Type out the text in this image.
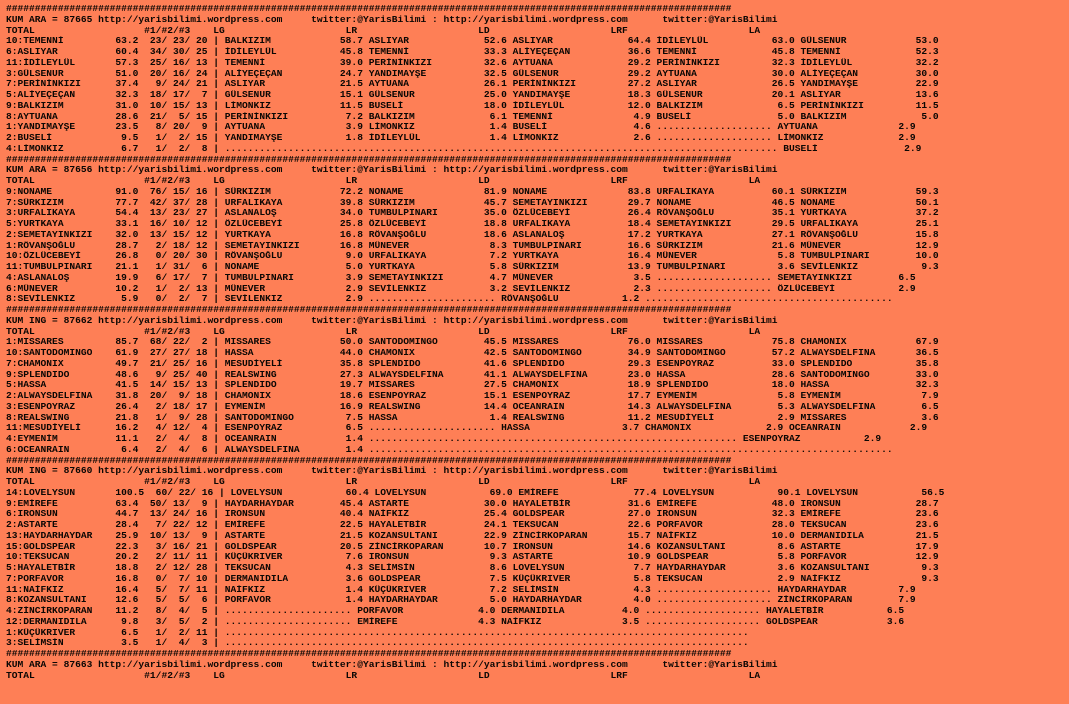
##############################################################################################################################
KUM ARA = 87665 http://yarisbilimi.wordpress.com     twitter:@YarisBilimi : http://yarisbilimi.wordpress.com      twitter:@YarisBilimi
TOTAL                   #1/#2/#3    LG                     LR                     LD                     LRF                     LA
10:TEMENNİ         63.2  23/ 23/ 20 | BALKIZIM            58.7 ASLIYAR             52.6 ASLIYAR             64.4 İDİLEYLÜL           63.0 GÜLSENUR            53.0
6:ASLIYAR          60.4  34/ 30/ 25 | İDİLEYLÜL           45.8 TEMENNİ             33.3 ALİYEÇEÇAN          36.6 TEMENNİ             45.8 TEMENNİ             52.3
11:İDİLEYLÜL       57.3  25/ 16/ 13 | TEMENNİ             39.0 PERİNİNKIZI         32.6 AYTUANA             29.2 PERİNİNKIZI         32.3 İDİLEYLÜL           32.2
3:GÜLSENUR         51.0  20/ 16/ 24 | ALİYEÇEÇAN          24.7 YANDIMAYŞE          32.5 GÜLSENUR            29.2 AYTUANA             30.0 ALİYEÇEÇAN          30.0
7:PERİNİNKIZI      37.4   9/ 24/ 21 | ASLIYAR             21.5 AYTUANA             26.1 PERİNİNKIZI         27.2 ASLIYAR             26.5 YANDIMAYŞE          22.9
5:ALİYEÇEÇAN       32.3  18/ 17/  7 | GÜLSENUR            15.1 GÜLSENUR            25.0 YANDIMAYŞE          18.3 GÜLSENUR            20.1 ASLIYAR             13.6
9:BALKIZIM         31.0  10/ 15/ 13 | LİMONKIZ            11.5 BUSELİ              18.0 İDİLEYLÜL           12.0 BALKIZIM             6.5 PERİNİNKIZI         11.5
8:AYTUANA          28.6  21/  5/ 15 | PERİNİNKIZI          7.2 BALKIZIM             6.1 TEMENNİ              4.9 BUSELİ               5.0 BALKIZIM             5.0
1:YANDIMAYŞE       23.5   8/ 20/  9 | AYTUANA              3.9 LİMONKIZ             1.4 BUSELİ               4.6 .................... AYTUANA              2.9
2:BUSELİ            9.5   1/  2/ 15 | YANDIMAYŞE           1.8 İDİLEYLÜL            1.4 LİMONKIZ             2.6 .................... LİMONKIZ             2.9
4:LİMONKIZ          6.7   1/  2/  8 | ................................................................................................ BUSELİ               2.9
##############################################################################################################################
KUM ARA = 87656 http://yarisbilimi.wordpress.com     twitter:@YarisBilimi : http://yarisbilimi.wordpress.com      twitter:@YarisBilimi
TOTAL                   #1/#2/#3    LG                     LR                     LD                     LRF                     LA
9:NONAME           91.0  76/ 15/ 16 | SÜRKIZIM            72.2 NONAME              81.9 NONAME              83.8 URFALIKAYA          60.1 SÜRKIZIM            59.3
7:SÜRKIZIM         77.7  42/ 37/ 28 | URFALIKAYA          39.8 SÜRKIZIM            45.7 SEMETAYINKIZI       29.7 NONAME              46.5 NONAME              50.1
3:URFALIKAYA       54.4  13/ 23/ 27 | ASLANALOŞ           34.0 TUMBULPINARI        35.0 ÖZLÜCEBEYİ          26.4 RÖVANŞOĞLU          35.1 YURTKAYA            37.2
5:YURTKAYA         33.1  16/ 10/ 12 | ÖZLÜCEBEYİ          25.8 ÖZLÜCEBEYİ          18.8 URFALIKAYA          18.4 SEMETAYINKIZI       29.5 URFALIKAYA          25.1
2:SEMETAYINKIZI    32.0  13/ 15/ 12 | YURTKAYA            16.8 RÖVANŞOĞLU          18.6 ASLANALOŞ           17.2 YURTKAYA            27.1 RÖVANŞOĞLU          15.8
1:RÖVANŞOĞLU       28.7   2/ 18/ 12 | SEMETAYINKIZI       16.8 MÜNEVER              8.3 TUMBULPINARI        16.6 SÜRKIZIM            21.6 MÜNEVER             12.9
10:ÖZLÜCEBEYİ      26.8   0/ 20/ 30 | RÖVANŞOĞLU           9.0 URFALIKAYA           7.2 YURTKAYA            16.4 MÜNEVER              5.8 TUMBULPINARI        10.0
11:TUMBULPINARI    21.1   1/ 31/  6 | NONAME               5.0 YURTKAYA             5.8 SÜRKIZIM            13.9 TUMBULPINARI         3.6 SEVİLENKIZ           9.3
4:ASLANALOŞ        19.9   6/ 17/  7 | TUMBULPINARI         3.9 SEMETAYINKIZI        4.7 MÜNEVER              3.5 .................... SEMETAYINKIZI        6.5
6:MÜNEVER          10.2   1/  2/ 13 | MÜNEVER              2.9 SEVİLENKIZ           3.2 SEVİLENKIZ           2.3 .................... ÖZLÜCEBEYİ           2.9
8:SEVİLENKIZ        5.9   0/  2/  7 | SEVİLENKIZ           2.9 ...................... RÖVANŞOĞLU           1.2 ...........................................
##############################################################################################################################
KUM ING = 87662 http://yarisbilimi.wordpress.com     twitter:@YarisBilimi : http://yarisbilimi.wordpress.com      twitter:@YarisBilimi
TOTAL                   #1/#2/#3    LG                     LR                     LD                     LRF                     LA
1:MISSARES         85.7  68/ 22/  2 | MISSARES            50.0 SANTODOMINGO        45.5 MISSARES            76.0 MISSARES            75.8 CHAMONIX            67.9
10:SANTODOMINGO    61.9  27/ 27/ 18 | HASSA               44.0 CHAMONIX            42.5 SANTODOMINGO        34.9 SANTODOMINGO        57.2 ALWAYSDELFINA       36.5
7:CHAMONIX         49.7  21/ 25/ 16 | MESUDİYELİ          35.8 SPLENDIDO           41.6 SPLENDIDO           29.3 ESENPOYRAZ          33.0 SPLENDIDO           35.8
9:SPLENDIDO        48.6   9/ 25/ 40 | REALSWING           27.3 ALWAYSDELFINA       41.1 ALWAYSDELFINA       23.0 HASSA               28.6 SANTODOMINGO        33.0
5:HASSA            41.5  14/ 15/ 13 | SPLENDIDO           19.7 MISSARES            27.5 CHAMONIX            18.9 SPLENDIDO           18.0 HASSA               32.3
2:ALWAYSDELFINA    31.8  20/  9/ 18 | CHAMONIX            18.6 ESENPOYRAZ          15.1 ESENPOYRAZ          17.7 EYMENİM              5.8 EYMENİM              7.9
3:ESENPOYRAZ       26.4   2/ 18/ 17 | EYMENİM             16.9 REALSWING           14.4 OCEANRAIN           14.3 ALWAYSDELFINA        5.3 ALWAYSDELFINA        6.5
8:REALSWING        21.8   1/  9/ 28 | SANTODOMINGO         7.5 HASSA                1.4 REALSWING           11.2 MESUDİYELİ           2.9 MISSARES             3.6
11:MESUDİYELİ      16.2   4/ 12/  4 | ESENPOYRAZ           6.5 ...................... HASSA                3.7 CHAMONIX             2.9 OCEANRAIN            2.9
4:EYMENİM          11.1   2/  4/  8 | OCEANRAIN            1.4 ................................................................ ESENPOYRAZ           2.9
6:OCEANRAIN         6.4   2/  4/  6 | ALWAYSDELFINA        1.4 ...........................................................................................
##############################################################################################################################
KUM ING = 87660 http://yarisbilimi.wordpress.com     twitter:@YarisBilimi : http://yarisbilimi.wordpress.com      twitter:@YarisBilimi
TOTAL                   #1/#2/#3    LG                     LR                     LD                     LRF                     LA
14:LOVELYSUN       100.5  60/ 22/ 16 | LOVELYSUN           60.4 LOVELYSUN           69.0 EMİREFE             77.4 LOVELYSUN           90.1 LOVELYSUN           56.5
9:EMİREFE          63.4  50/ 13/  9 | HAYDARHAYDAR        45.4 ASTARTE             30.0 HAYALETBİR          31.6 EMİREFE             48.0 IRONSUN             28.7
6:IRONSUN          44.7  13/ 24/ 16 | IRONSUN             40.4 NAİFKIZ             25.4 GOLDSPEAR           27.0 IRONSUN             32.3 EMİREFE             23.6
2:ASTARTE          28.4   7/ 22/ 12 | EMİREFE             22.5 HAYALETBİR          24.1 TEKSUCAN            22.6 PORFAVOR            28.0 TEKSUCAN            23.6
13:HAYDARHAYDAR    25.9  10/ 13/  9 | ASTARTE             21.5 KOZANSULTANI        22.9 ZİNCİRKOPARAN       15.7 NAİFKIZ             10.0 DERMANIDILA         21.5
15:GOLDSPEAR       22.3   3/ 16/ 21 | GOLDSPEAR           20.5 ZİNCİRKOPARAN       10.7 IRONSUN             14.6 KOZANSULTANI         8.6 ASTARTE             17.9
10:TEKSUCAN        20.2   2/ 11/ 11 | KÜÇÜKRIVER           7.6 IRONSUN              9.3 ASTARTE             10.9 GOLDSPEAR            5.8 PORFAVOR            12.9
5:HAYALETBİR       18.8   2/ 12/ 28 | TEKSUCAN             4.3 SELİMSİN             8.6 LOVELYSUN            7.7 HAYDARHAYDAR         3.6 KOZANSULTANI         9.3
7:PORFAVOR         16.8   0/  7/ 10 | DERMANIDILA          3.6 GOLDSPEAR            7.5 KÜÇÜKRIVER           5.8 TEKSUCAN             2.9 NAİFKIZ              9.3
11:NAİFKIZ         16.4   5/  7/ 11 | NAİFKIZ              1.4 KÜÇÜKRIVER           7.2 SELİMSİN             4.3 .................... HAYDARHAYDAR         7.9
8:KOZANSULTANI     12.6   5/  5/  6 | PORFAVOR             1.4 HAYDARHAYDAR         5.0 HAYDARHAYDAR         4.0 .................... ZİNCİRKOPARAN        7.9
4:ZİNCİRKOPARAN    11.2   8/  4/  5 | ...................... PORFAVOR             4.0 DERMANIDILA          4.0 .................... HAYALETBİR           6.5
12:DERMANIDILA      9.8   3/  5/  2 | ...................... EMİREFE              4.3 NAİFKIZ              3.5 .................... GOLDSPEAR            3.6
1:KÜÇÜKRIVER        6.5   1/  2/ 11 | ...........................................................................................
3:SELİMSİN          3.5   1/  4/  3 | ...........................................................................................
##############################################################################################################################
KUM ARA = 87663 http://yarisbilimi.wordpress.com     twitter:@YarisBilimi : http://yarisbilimi.wordpress.com      twitter:@YarisBilimi
TOTAL                   #1/#2/#3    LG                     LR                     LD                     LRF                     LA
